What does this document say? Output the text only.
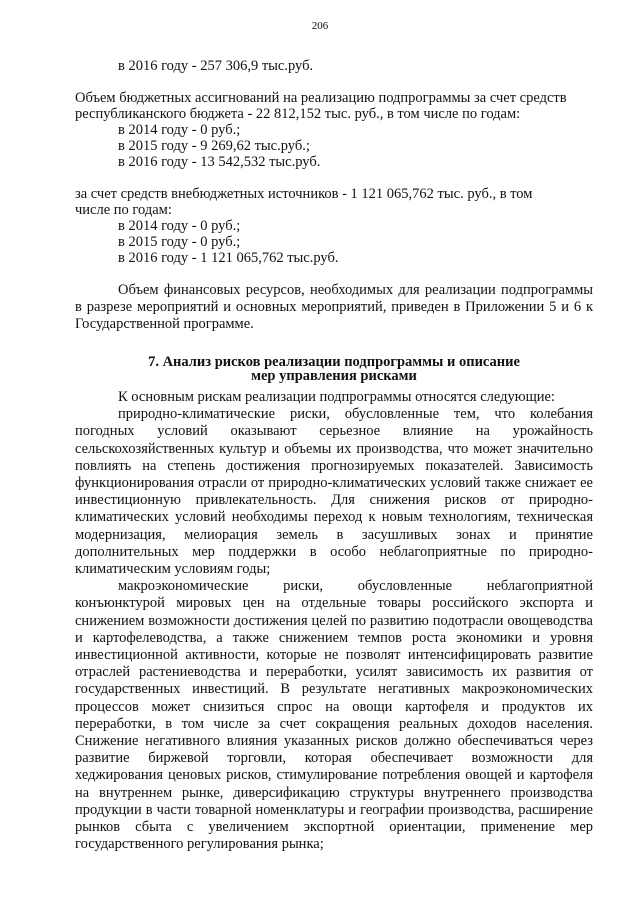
206
в 2016 году - 257 306,9 тыс.руб.
Объем бюджетных ассигнований на реализацию подпрограммы за счет средств
республиканского бюджета - 22 812,152 тыс. руб., в том числе по годам:
в 2014 году - 0 руб.;
в 2015 году - 9 269,62 тыс.руб.;
в 2016 году - 13 542,532 тыс.руб.
за счет средств внебюджетных источников - 1 121 065,762 тыс. руб., в том
числе по годам:
в 2014 году - 0 руб.;
в 2015 году - 0 руб.;
в 2016 году - 1 121 065,762 тыс.руб.

Объем финансовых ресурсов, необходимых для реализации подпрограммы в разрезе мероприятий и основных мероприятий, приведен в Приложении 5 и 6 к Государственной программе.

7. Анализ рисков реализации подпрограммы и описание

мер управления рисками

К основным рискам реализации подпрограммы относятся следующие:

природно-климатические риски, обусловленные тем, что колебания погодных условий оказывают серьезное влияние на урожайность сельскохозяйственных культур и объемы их производства, что может значительно повлиять на степень достижения прогнозируемых показателей. Зависимость функционирования отрасли от природно-климатических условий также снижает ее инвестиционную привлекательность. Для снижения рисков от природно-климатических условий необходимы переход к новым технологиям, техническая модернизация, мелиорация земель в засушливых зонах и принятие дополнительных мер поддержки в особо неблагоприятные по природно-климатическим условиям годы;

макроэкономические риски, обусловленные неблагоприятной конъюнктурой мировых цен на отдельные товары российского экспорта и снижением возможности достижения целей по развитию подотрасли овощеводства и картофелеводства, а также снижением темпов роста экономики и уровня инвестиционной активности, которые не позволят интенсифицировать развитие отраслей растениеводства и переработки, усилят зависимость их развития от государственных инвестиций. В результате негативных макроэкономических процессов может снизиться спрос на овощи картофеля и продуктов их переработки, в том числе за счет сокращения реальных доходов населения. Снижение негативного влияния указанных рисков должно обеспечиваться через развитие биржевой торговли, которая обеспечивает возможности для хеджирования ценовых рисков, стимулирование потребления овощей и картофеля на внутреннем рынке, диверсификацию структуры внутреннего производства продукции в части товарной номенклатуры и географии производства, расширение рынков сбыта с увеличением экспортной ориентации, применение мер государственного регулирования рынка;
